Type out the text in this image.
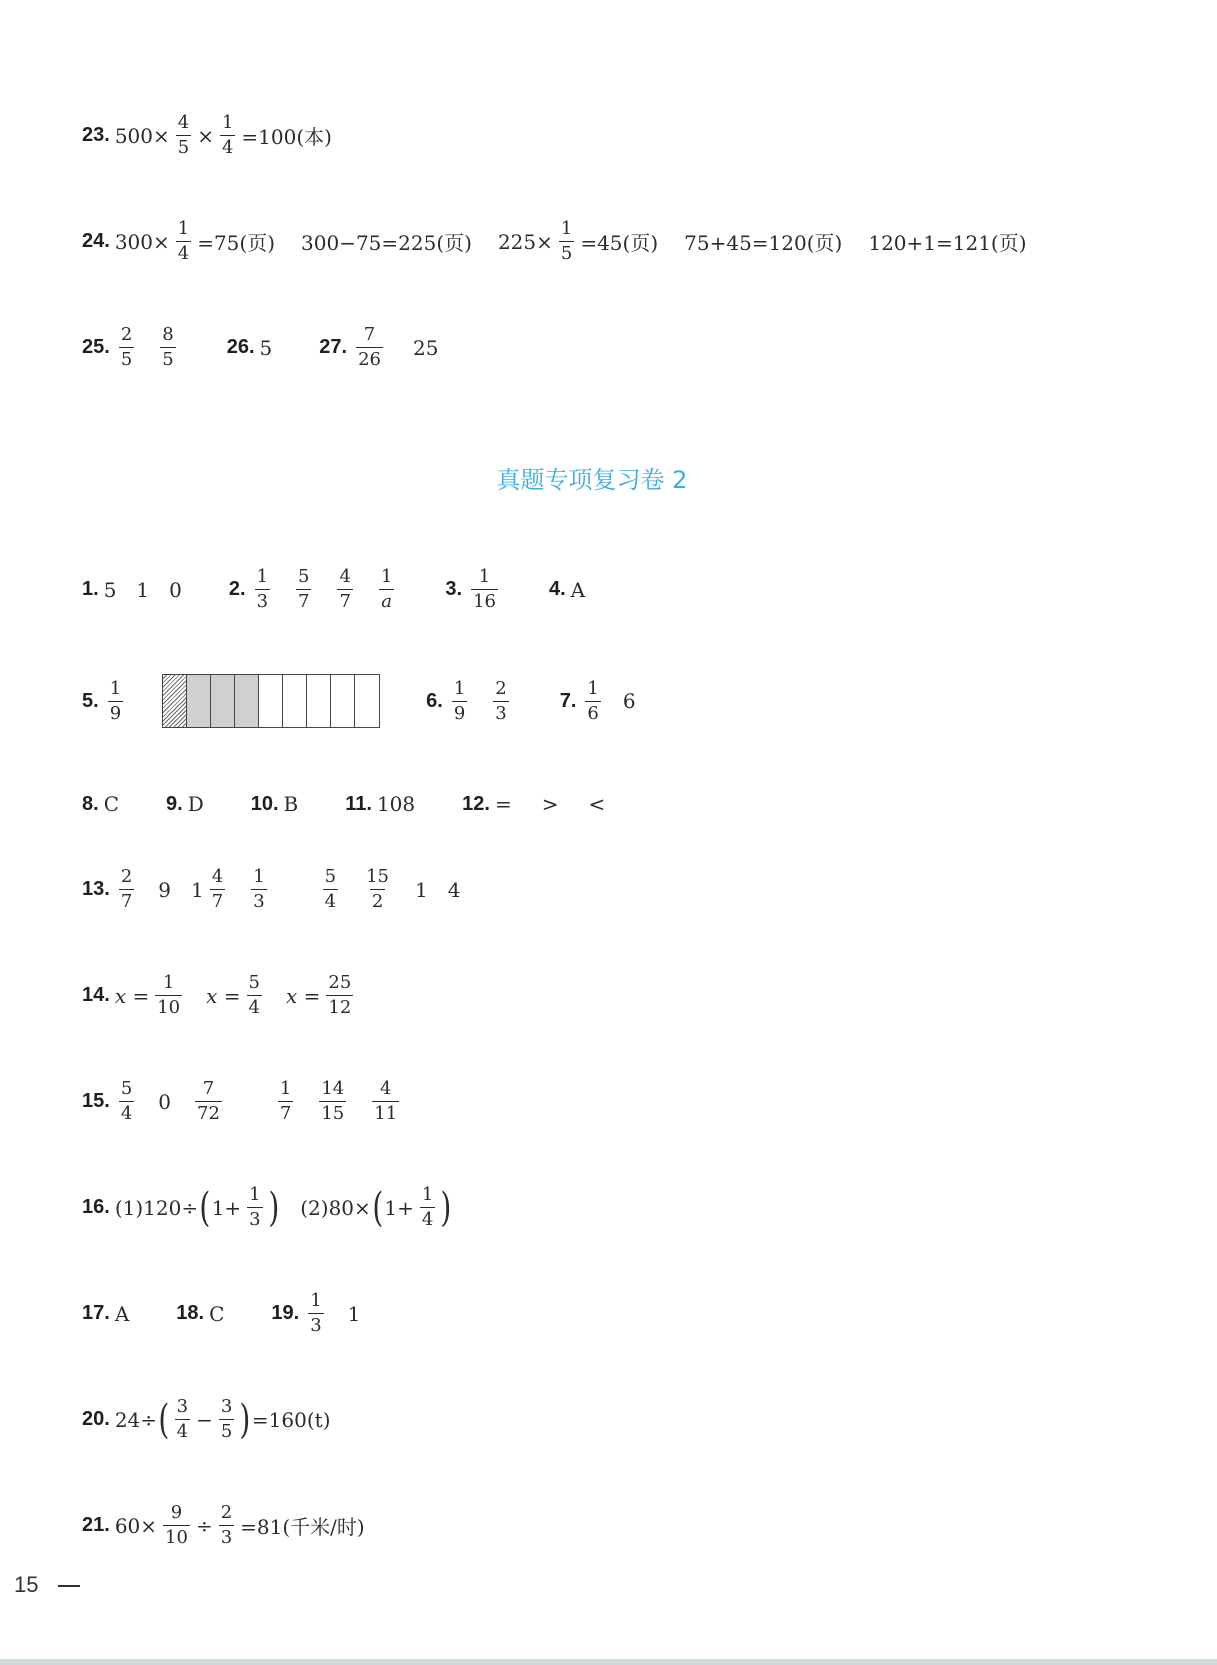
23. $500\times \frac{4}{5} \times \frac{1}{4} =100$(本)
24. $300\times \frac{1}{4} =75$(页) 300−75=225(页) $225\times \frac{1}{5} =45$(页) 75+45=120(页) 120+1=121(页)
25.
2
5
8
5
26. 5 27.
7
26 25
真题专项复习卷 2
1. 5 1 0 2.
1
3
5
7
4
7
1
a
3.
1
16
4. A
5.
1
9
6.
1
9
2
3
7.
1
6 6
8. C 9. D 10. B 11. 108 12. = > <
13.
2
7 9 1
4
7
1
3
5
4
15
2 1 4
14. $x = \frac{1}{10}$ $x = \frac{5}{4}$ $x = \frac{25}{12}$
15.
5
4 0
7
72
1
7
14
15
4
11
16. (1)120÷ ( $1+ \frac{1}{3}$ ) (2)80× ( $1+ \frac{1}{4}$ )
17. A 18. C 19.
1
3 1
20. 24÷ ( 3
$4 - \frac{3}{5}$ ) =160(t)
21. $60\times \frac{9}{10} \div \frac{2}{3} =81$(千米/时)
15
